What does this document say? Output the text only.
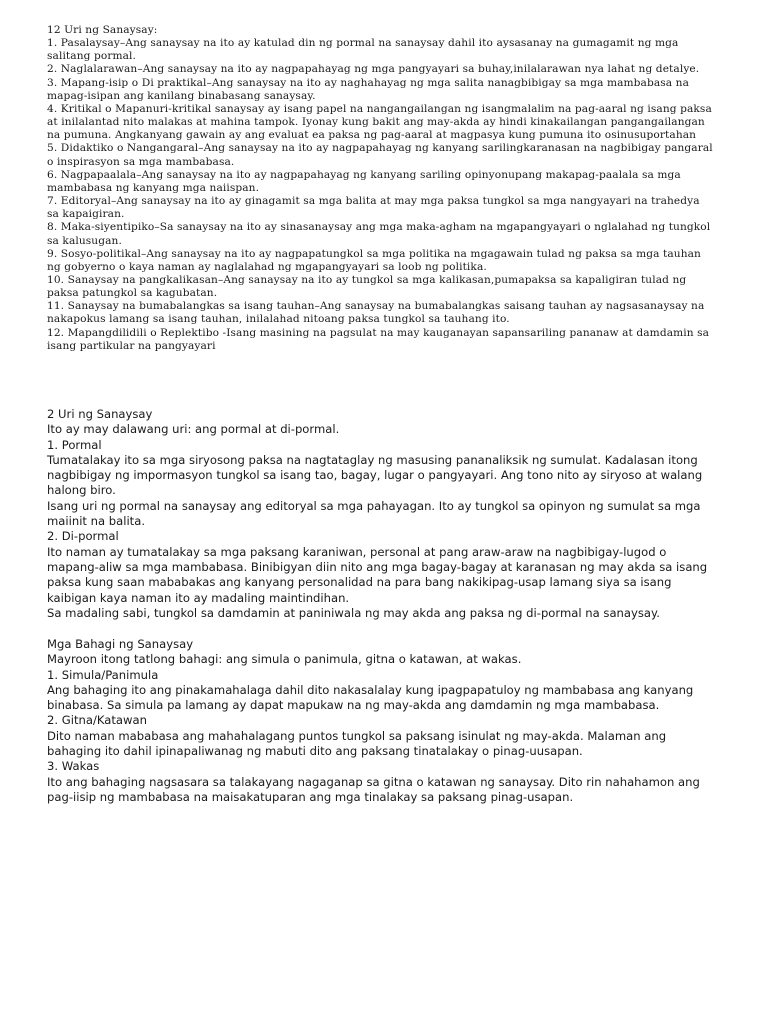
12 Uri ng Sanaysay:

1. Pasalaysay–Ang sanaysay na ito ay katulad din ng pormal na sanaysay dahil ito aysasanay na gumagamit ng mga salitang pormal.

2. Naglalarawan–Ang sanaysay na ito ay nagpapahayag ng mga pangyayari sa buhay,inilalarawan nya lahat ng detalye.

3. Mapang-isip o Di praktikal–Ang sanaysay na ito ay naghahayag ng mga salita nanagbibigay sa mga mambabasa na mapag-isipan ang kanilang binabasang sanaysay.

4. Kritikal o Mapanuri-kritikal sanaysay ay isang papel na nangangailangan ng isangmalalim na pag-aaral ng isang paksa at inilalantad nito malakas at mahina tampok. Iyonay kung bakit ang may-akda ay hindi kinakailangan pangangailangan na pumuna. Angkanyang gawain ay ang evaluat ea paksa ng pag-aaral at magpasya kung pumuna ito osinusuportahan

5. Didaktiko o Nangangaral–Ang sanaysay na ito ay nagpapahayag ng kanyang sarilingkaranasan na nagbibigay pangaral o inspirasyon sa mga mambabasa.

6. Nagpapaalala–Ang sanaysay na ito ay nagpapahayag ng kanyang sariling opinyonupang makapag-paalala sa mga mambabasa ng kanyang mga naiispan.

7. Editoryal–Ang sanaysay na ito ay ginagamit sa mga balita at may mga paksa tungkol sa mga nangyayari na trahedya sa kapaigiran.

8. Maka-siyentipiko–Sa sanaysay na ito ay sinasanaysay ang mga maka-agham na mgapangyayari o nglalahad ng tungkol sa kalusugan.

9. Sosyo-politikal–Ang sanaysay na ito ay nagpapatungkol sa mga politika na mgagawain tulad ng paksa sa mga tauhan ng gobyerno o kaya naman ay naglalahad ng mgapangyayari sa loob ng politika.

10. Sanaysay na pangkalikasan–Ang sanaysay na ito ay tungkol sa mga kalikasan,pumapaksa sa kapaligiran tulad ng paksa patungkol sa kagubatan.

11. Sanaysay na bumabalangkas sa isang tauhan–Ang sanaysay na bumabalangkas saisang tauhan ay nagsasanaysay na nakapokus lamang sa isang tauhan, inilalahad nitoang paksa tungkol sa tauhang ito.

12. Mapangdilidili o Replektibo -Isang masining na pagsulat na may kauganayan sapansariling pananaw at damdamin sa isang partikular na pangyayari

2 Uri ng Sanaysay

Ito ay may dalawang uri: ang pormal at di-pormal.

1. Pormal

Tumatalakay ito sa mga siryosong paksa na nagtataglay ng masusing pananaliksik ng sumulat. Kadalasan itong nagbibigay ng impormasyon tungkol sa isang tao, bagay, lugar o pangyayari. Ang tono nito ay siryoso at walang halong biro.

Isang uri ng pormal na sanaysay ang editoryal sa mga pahayagan. Ito ay tungkol sa opinyon ng sumulat sa mga maiinit na balita.

2. Di-pormal

Ito naman ay tumatalakay sa mga paksang karaniwan, personal at pang araw-araw na nagbibigay-lugod o mapang-aliw sa mga mambabasa. Binibigyan diin nito ang mga bagay-bagay at karanasan ng may akda sa isang paksa kung saan mababakas ang kanyang personalidad na para bang nakikipag-usap lamang siya sa isang kaibigan kaya naman ito ay madaling maintindihan.

Sa madaling sabi, tungkol sa damdamin at paniniwala ng may akda ang paksa ng di-pormal na sanaysay.

Mga Bahagi ng Sanaysay

Mayroon itong tatlong bahagi: ang simula o panimula, gitna o katawan, at wakas.

1. Simula/Panimula

Ang bahaging ito ang pinakamahalaga dahil dito nakasalalay kung ipagpapatuloy ng mambabasa ang kanyang binabasa. Sa simula pa lamang ay dapat mapukaw na ng may-akda ang damdamin ng mga mambabasa.

2. Gitna/Katawan

Dito naman mababasa ang mahahalagang puntos tungkol sa paksang isinulat ng may-akda. Malaman ang bahaging ito dahil ipinapaliwanag ng mabuti dito ang paksang tinatalakay o pinag-uusapan.

3. Wakas

Ito ang bahaging nagsasara sa talakayang nagaganap sa gitna o katawan ng sanaysay. Dito rin nahahamon ang pag-iisip ng mambabasa na maisakatuparan ang mga tinalakay sa paksang pinag-usapan.
